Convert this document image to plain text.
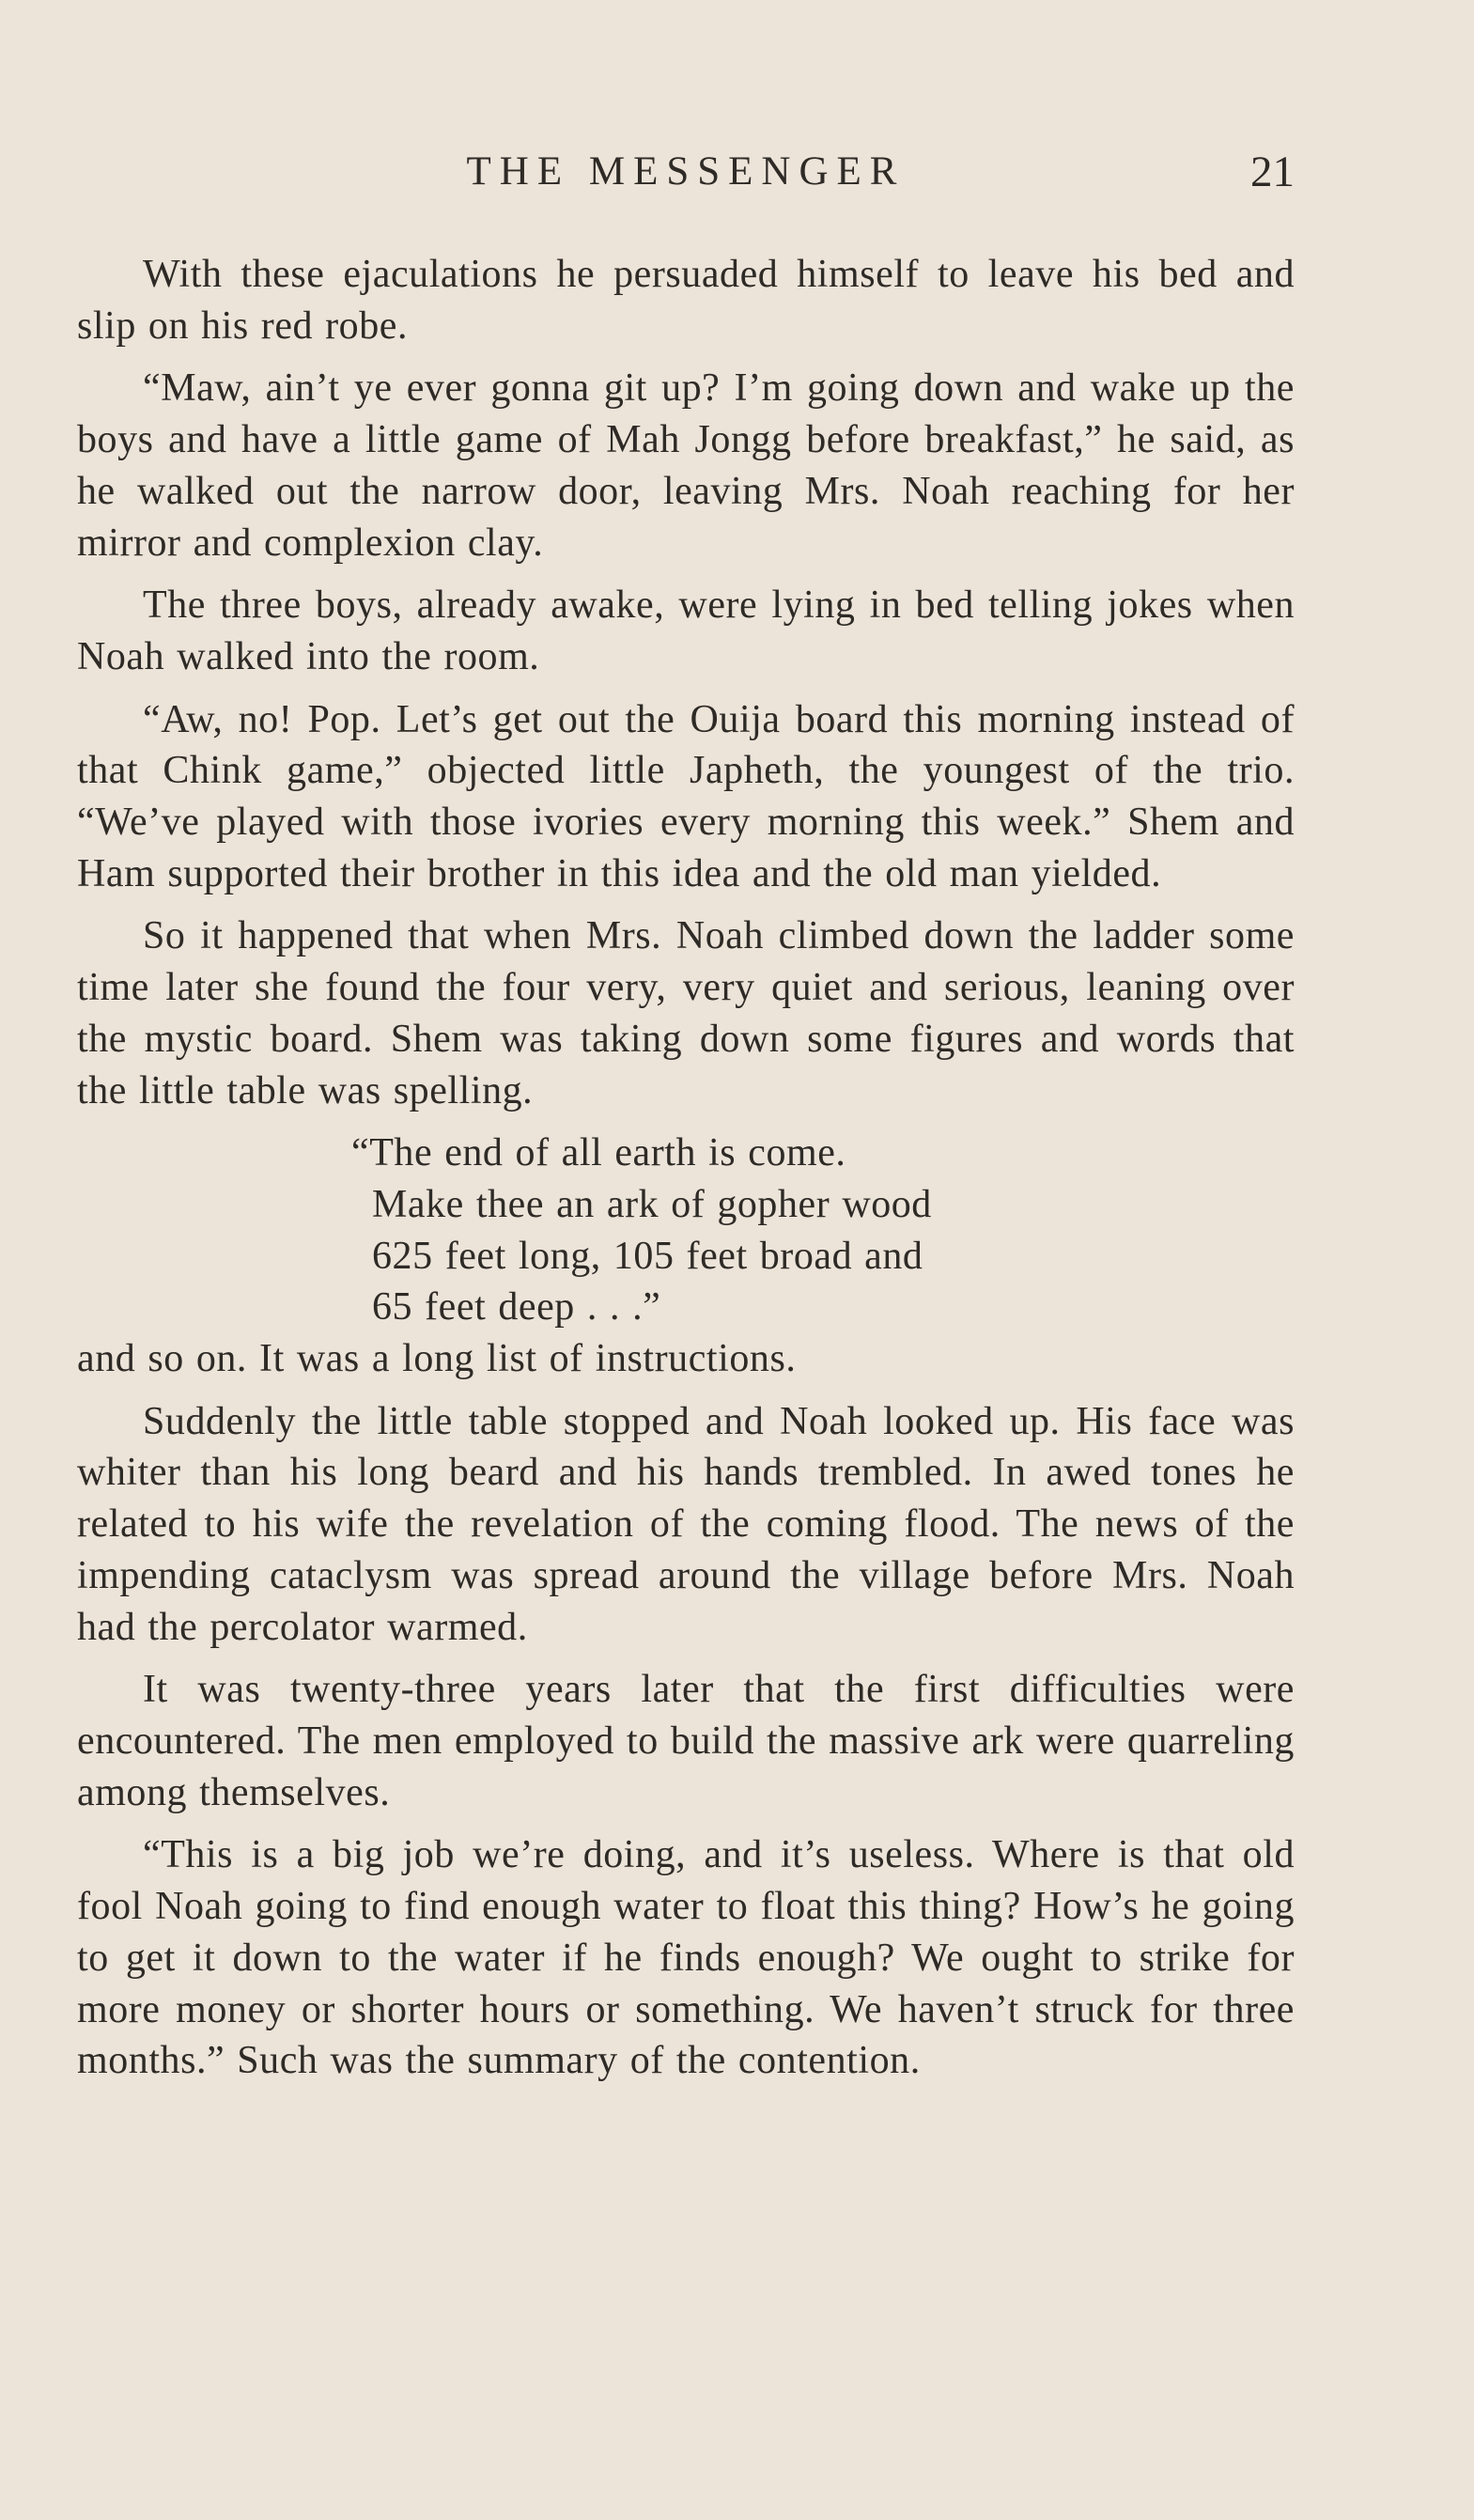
THE MESSENGER	21

With these ejaculations he persuaded himself to leave his bed and slip on his red robe.

“Maw, ain’t ye ever gonna git up? I’m going down and wake up the boys and have a little game of Mah Jongg before breakfast,” he said, as he walked out the narrow door, leaving Mrs. Noah reaching for her mirror and complexion clay.

The three boys, already awake, were lying in bed telling jokes when Noah walked into the room.

“Aw, no! Pop. Let’s get out the Ouija board this morning instead of that Chink game,” objected little Japheth, the youngest of the trio. “We’ve played with those ivories every morning this week.” Shem and Ham supported their brother in this idea and the old man yielded.

So it happened that when Mrs. Noah climbed down the ladder some time later she found the four very, very quiet and serious, leaning over the mystic board. Shem was taking down some figures and words that the little table was spelling.

“The end of all earth is come.
Make thee an ark of gopher wood
625 feet long, 105 feet broad and
65 feet deep . . .”

and so on. It was a long list of instructions.

Suddenly the little table stopped and Noah looked up. His face was whiter than his long beard and his hands trembled. In awed tones he related to his wife the revelation of the coming flood. The news of the impending cataclysm was spread around the village before Mrs. Noah had the percolator warmed.

It was twenty-three years later that the first difficulties were encountered. The men employed to build the massive ark were quarreling among themselves.

“This is a big job we’re doing, and it’s useless. Where is that old fool Noah going to find enough water to float this thing? How’s he going to get it down to the water if he finds enough? We ought to strike for more money or shorter hours or something. We haven’t struck for three months.” Such was the summary of the contention.
